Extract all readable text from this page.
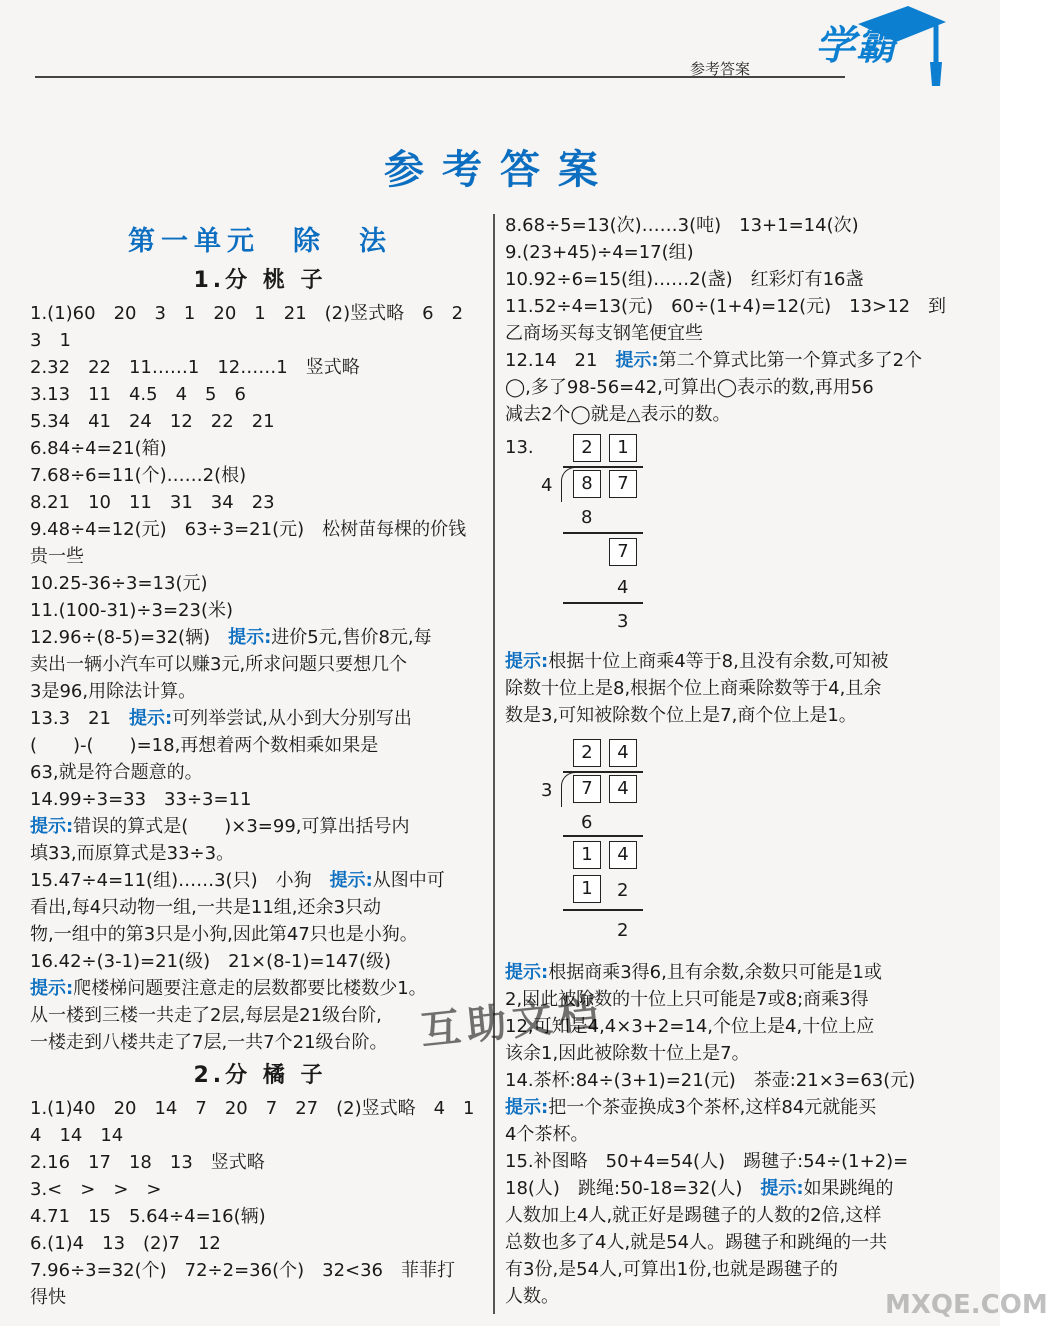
参考答案 学霸
参考答案
第一单元　除　法
1.分 桃 子
1.(1)60　20　3　1　20　1　21　(2)竖式略　6　2
3　1
2.32　22　11……1　12……1　竖式略
3.13　11　4.5　4　5　6
5.34　41　24　12　22　21
6.84÷4=21(箱)
7.68÷6=11(个)……2(根)
8.21　10　11　31　34　23
9.48÷4=12(元)　63÷3=21(元)　松树苗每棵的价钱
贵一些
10.25-36÷3=13(元)
11.(100-31)÷3=23(米)
12.96÷(8-5)=32(辆)　提示:进价5元,售价8元,每
卖出一辆小汽车可以赚3元,所求问题只要想几个
3是96,用除法计算。
13.3　21　提示:可列举尝试,从小到大分别写出
(　　)-(　　)=18,再想着两个数相乘如果是
63,就是符合题意的。
14.99÷3=33　33÷3=11
提示:错误的算式是(　　)×3=99,可算出括号内
填33,而原算式是33÷3。
15.47÷4=11(组)……3(只)　小狗　提示:从图中可
看出,每4只动物一组,一共是11组,还余3只动
物,一组中的第3只是小狗,因此第47只也是小狗。
16.42÷(3-1)=21(级)　21×(8-1)=147(级)
提示:爬楼梯问题要注意走的层数都要比楼数少1。
从一楼到三楼一共走了2层,每层是21级台阶,
一楼走到八楼共走了7层,一共7个21级台阶。
2.分 橘 子
1.(1)40　20　14　7　20　7　27　(2)竖式略　4　1
4　14　14
2.16　17　18　13　竖式略
3.<　>　>　>
4.71　15　5.64÷4=16(辆)
6.(1)4　13　(2)7　12
7.96÷3=32(个)　72÷2=36(个)　32<36　菲菲打
得快
8.68÷5=13(次)……3(吨)　13+1=14(次)
9.(23+45)÷4=17(组)
10.92÷6=15(组)……2(盏)　红彩灯有16盏
11.52÷4=13(元)　60÷(1+4)=12(元)　13>12　到
乙商场买每支钢笔便宜些
12.14　21　提示:第二个算式比第一个算式多了2个
◯,多了98-56=42,可算出◯表示的数,再用56
减去2个◯就是△表示的数。
13.	2	1
4	8	7
8
7
4
3
提示:根据十位上商乘4等于8,且没有余数,可知被
除数十位上是8,根据个位上商乘除数等于4,且余
数是3,可知被除数个位上是7,商个位上是1。
2	4
3	7	4
6
1	4
1	2
2
提示:根据商乘3得6,且有余数,余数只可能是1或
2,因此被除数的十位上只可能是7或8;商乘3得
12,可知是4,4×3+2=14,个位上是4,十位上应
该余1,因此被除数十位上是7。
14.茶杯:84÷(3+1)=21(元)　茶壶:21×3=63(元)
提示:把一个茶壶换成3个茶杯,这样84元就能买
4个茶杯。
15.补图略　50+4=54(人)　踢毽子:54÷(1+2)=
18(人)　跳绳:50-18=32(人)　提示:如果跳绳的
人数加上4人,就正好是踢毽子的人数的2倍,这样
总数也多了4人,就是54人。踢毽子和跳绳的一共
有3份,是54人,可算出1份,也就是踢毽子的
人数。
互助文档
MXQE.COM
